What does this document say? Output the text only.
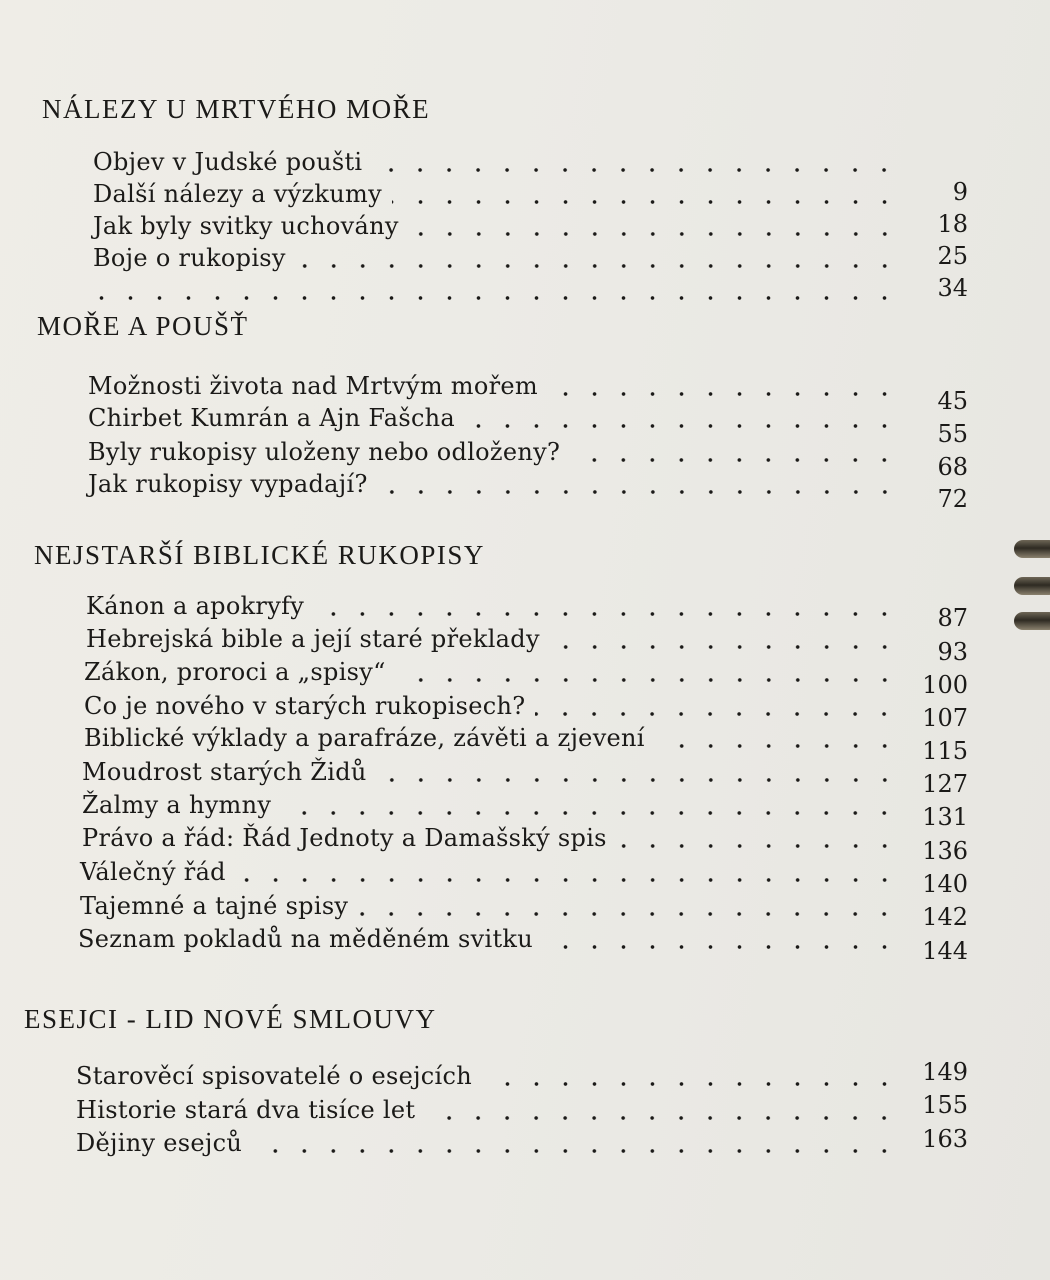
NÁLEZY U MRTVÉHO MOŘE
Objev v Judské poušti
Další nálezy a výzkumy
Jak byly svitky uchovány
Boje o rukopisy
9
18
25
34
MOŘE A POUŠŤ
Možnosti života nad Mrtvým mořem
Chirbet Kumrán a Ajn Fašcha
Byly rukopisy uloženy nebo odloženy?
Jak rukopisy vypadají?
45
55
68
72
NEJSTARŠÍ BIBLICKÉ RUKOPISY
Kánon a apokryfy
Hebrejská bible a její staré překlady
Zákon, proroci a „spisy“
Co je nového v starých rukopisech?
Biblické výklady a parafráze, závěti a zjevení
Moudrost starých Židů
Žalmy a hymny
Právo a řád: Řád Jednoty a Damašský spis
Válečný řád
Tajemné a tajné spisy
Seznam pokladů na měděném svitku
87
93
100
107
115
127
131
136
140
142
144
ESEJCI - LID NOVÉ SMLOUVY
Starověcí spisovatelé o esejcích
Historie stará dva tisíce let
Dějiny esejců
149
155
163
